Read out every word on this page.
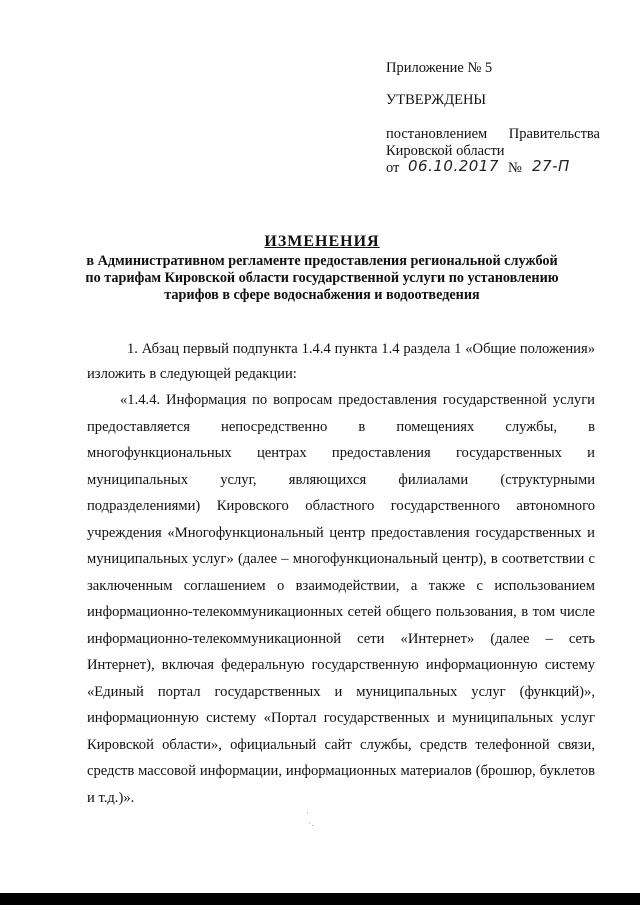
Приложение № 5
УТВЕРЖДЕНЫ
постановлением Правительства
Кировской области
от 06.10.2017 № 27-П
ИЗМЕНЕНИЯ
в Административном регламенте предоставления региональной службой по тарифам Кировской области государственной услуги по установлению тарифов в сфере водоснабжения и водоотведения

1. Абзац первый подпункта 1.4.4 пункта 1.4 раздела 1 «Общие положения» изложить в следующей редакции:

«1.4.4. Информация по вопросам предоставления государственной услуги предоставляется непосредственно в помещениях службы, в многофункциональных центрах предоставления государственных и муниципальных услуг, являющихся филиалами (структурными подразделениями) Кировского областного государственного автономного учреждения «Многофункциональный центр предоставления государственных и муниципальных услуг» (далее – многофункциональный центр), в соответствии с заключенным соглашением о взаимодействии, а также с использованием информационно-телекоммуникационных сетей общего пользования, в том числе информационно-телекоммуникационной сети «Интернет» (далее – сеть Интернет), включая федеральную государственную информационную систему «Единый портал государственных и муниципальных услуг (функций)», информационную систему «Портал государственных и муниципальных услуг Кировской области», официальный сайт службы, средств телефонной связи, средств массовой информации, информационных материалов (брошюр, буклетов и т.д.)».

·
·.
